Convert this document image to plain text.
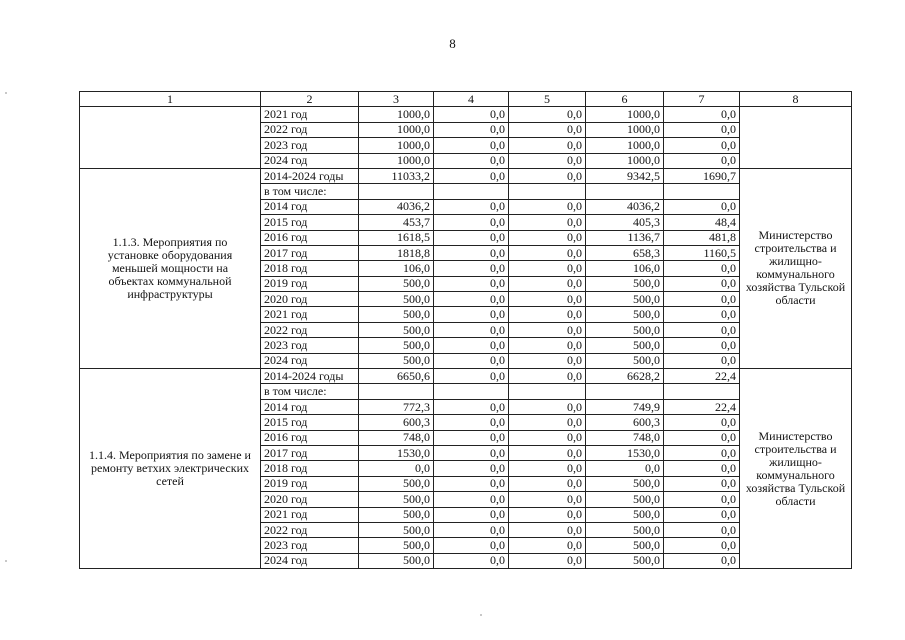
8
1	2	3	4	5	6	7	8
	2021 год	1000,0	0,0	0,0	1000,0	0,0	
	2022 год	1000,0	0,0	0,0	1000,0	0,0	
	2023 год	1000,0	0,0	0,0	1000,0	0,0	
	2024 год	1000,0	0,0	0,0	1000,0	0,0	
1.1.3. Мероприятия по установке оборудования меньшей мощности на объектах коммунальной инфраструктуры	2014-2024 годы	11033,2	0,0	0,0	9342,5	1690,7	Министерство строительства и жилищно-коммунального хозяйства Тульской области
	в том числе:						
	2014 год	4036,2	0,0	0,0	4036,2	0,0	
	2015 год	453,7	0,0	0,0	405,3	48,4	
	2016 год	1618,5	0,0	0,0	1136,7	481,8	
	2017 год	1818,8	0,0	0,0	658,3	1160,5	
	2018 год	106,0	0,0	0,0	106,0	0,0	
	2019 год	500,0	0,0	0,0	500,0	0,0	
	2020 год	500,0	0,0	0,0	500,0	0,0	
	2021 год	500,0	0,0	0,0	500,0	0,0	
	2022 год	500,0	0,0	0,0	500,0	0,0	
	2023 год	500,0	0,0	0,0	500,0	0,0	
	2024 год	500,0	0,0	0,0	500,0	0,0	
1.1.4. Мероприятия по замене и ремонту ветхих электрических сетей	2014-2024 годы	6650,6	0,0	0,0	6628,2	22,4	Министерство строительства и жилищно-коммунального хозяйства Тульской области
	в том числе:						
	2014 год	772,3	0,0	0,0	749,9	22,4	
	2015 год	600,3	0,0	0,0	600,3	0,0	
	2016 год	748,0	0,0	0,0	748,0	0,0	
	2017 год	1530,0	0,0	0,0	1530,0	0,0	
	2018 год	0,0	0,0	0,0	0,0	0,0	
	2019 год	500,0	0,0	0,0	500,0	0,0	
	2020 год	500,0	0,0	0,0	500,0	0,0	
	2021 год	500,0	0,0	0,0	500,0	0,0	
	2022 год	500,0	0,0	0,0	500,0	0,0	
	2023 год	500,0	0,0	0,0	500,0	0,0	
	2024 год	500,0	0,0	0,0	500,0	0,0	
